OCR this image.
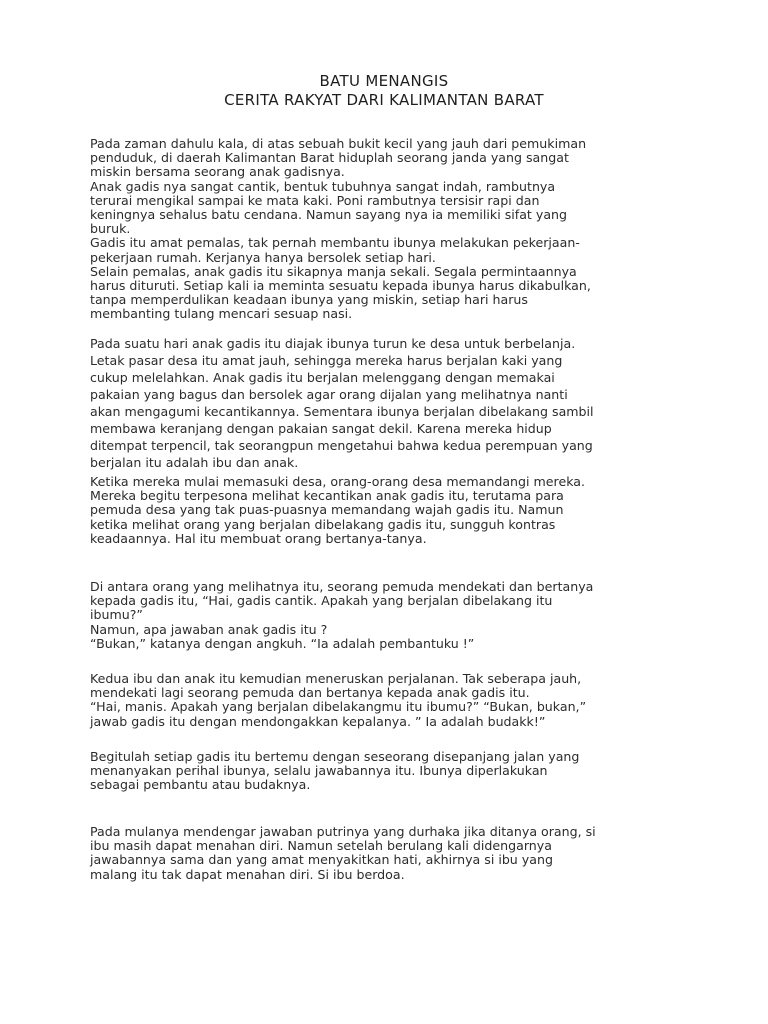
BATU MENANGIS
CERITA RAKYAT DARI KALIMANTAN BARAT
Pada zaman dahulu kala, di atas sebuah bukit kecil yang jauh dari pemukiman
penduduk, di daerah Kalimantan Barat hiduplah seorang janda yang sangat
miskin bersama seorang anak gadisnya.
Anak gadis nya sangat cantik, bentuk tubuhnya sangat indah, rambutnya
terurai mengikal sampai ke mata kaki. Poni rambutnya tersisir rapi dan
keningnya sehalus batu cendana. Namun sayang nya ia memiliki sifat yang
buruk.
Gadis itu amat pemalas, tak pernah membantu ibunya melakukan pekerjaan-
pekerjaan rumah. Kerjanya hanya bersolek setiap hari.
Selain pemalas, anak gadis itu sikapnya manja sekali. Segala permintaannya
harus dituruti. Setiap kali ia meminta sesuatu kepada ibunya harus dikabulkan,
tanpa memperdulikan keadaan ibunya yang miskin, setiap hari harus
membanting tulang mencari sesuap nasi.
Pada suatu hari anak gadis itu diajak ibunya turun ke desa untuk berbelanja.
Letak pasar desa itu amat jauh, sehingga mereka harus berjalan kaki yang
cukup melelahkan. Anak gadis itu berjalan melenggang dengan memakai
pakaian yang bagus dan bersolek agar orang dijalan yang melihatnya nanti
akan mengagumi kecantikannya. Sementara ibunya berjalan dibelakang sambil
membawa keranjang dengan pakaian sangat dekil. Karena mereka hidup
ditempat terpencil, tak seorangpun mengetahui bahwa kedua perempuan yang
berjalan itu adalah ibu dan anak.
Ketika mereka mulai memasuki desa, orang-orang desa memandangi mereka.
Mereka begitu terpesona melihat kecantikan anak gadis itu, terutama para
pemuda desa yang tak puas-puasnya memandang wajah gadis itu. Namun
ketika melihat orang yang berjalan dibelakang gadis itu, sungguh kontras
keadaannya. Hal itu membuat orang bertanya-tanya.
Di antara orang yang melihatnya itu, seorang pemuda mendekati dan bertanya
kepada gadis itu, “Hai, gadis cantik. Apakah yang berjalan dibelakang itu
ibumu?”
Namun, apa jawaban anak gadis itu ?
“Bukan,” katanya dengan angkuh. “Ia adalah pembantuku !”
Kedua ibu dan anak itu kemudian meneruskan perjalanan. Tak seberapa jauh,
mendekati lagi seorang pemuda dan bertanya kepada anak gadis itu.
“Hai, manis. Apakah yang berjalan dibelakangmu itu ibumu?” “Bukan, bukan,”
jawab gadis itu dengan mendongakkan kepalanya. ” Ia adalah budakk!”
Begitulah setiap gadis itu bertemu dengan seseorang disepanjang jalan yang
menanyakan perihal ibunya, selalu jawabannya itu. Ibunya diperlakukan
sebagai pembantu atau budaknya.
Pada mulanya mendengar jawaban putrinya yang durhaka jika ditanya orang, si
ibu masih dapat menahan diri. Namun setelah berulang kali didengarnya
jawabannya sama dan yang amat menyakitkan hati, akhirnya si ibu yang
malang itu tak dapat menahan diri. Si ibu berdoa.
